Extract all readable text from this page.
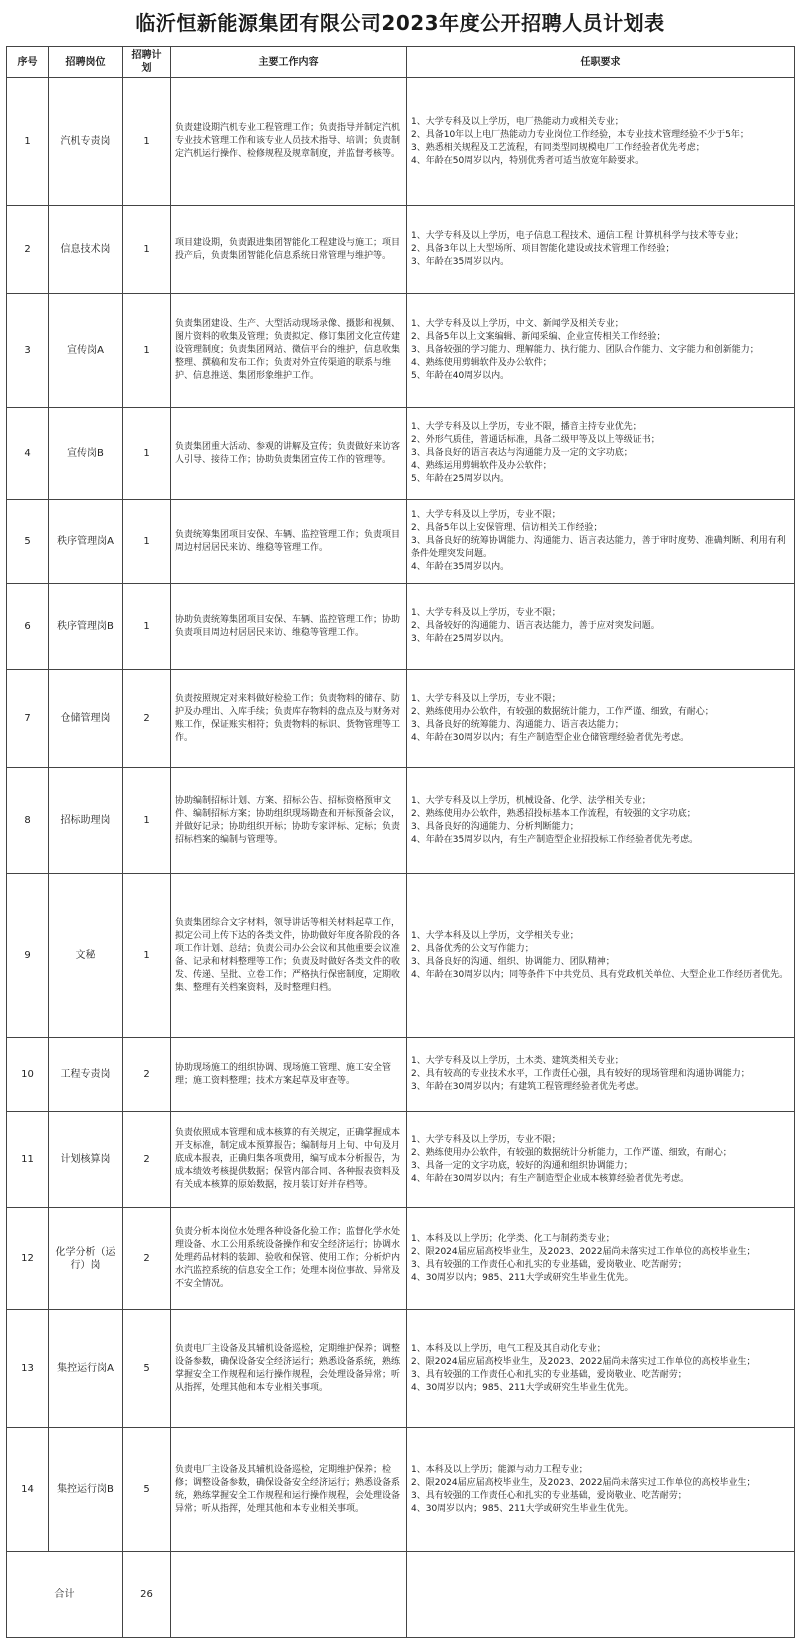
临沂恒新能源集团有限公司2023年度公开招聘人员计划表
序号	招聘岗位	招聘计划	主要工作内容	任职要求
1	汽机专责岗	1	负责建设期汽机专业工程管理工作；负责指导并制定汽机专业技术管理工作和该专业人员技术指导、培训；负责制定汽机运行操作、检修规程及规章制度，并监督考核等。	1、大学专科及以上学历，电厂热能动力或相关专业；
2、具备10年以上电厂热能动力专业岗位工作经验，本专业技术管理经验不少于5年；
3、熟悉相关规程及工艺流程，有同类型同规模电厂工作经验者优先考虑；
4、年龄在50周岁以内，特别优秀者可适当放宽年龄要求。

2	信息技术岗	1	项目建设期，负责跟进集团智能化工程建设与施工；项目投产后，负责集团智能化信息系统日常管理与维护等。	1、大学专科及以上学历，电子信息工程技术、通信工程 计算机科学与技术等专业；
2、具备3年以上大型场所、项目智能化建设或技术管理工作经验；
3、年龄在35周岁以内。

3	宣传岗A	1	负责集团建设、生产、大型活动现场录像、摄影和视频、图片资料的收集及管理；负责拟定、修订集团文化宣传建设管理制度；负责集团网站、微信平台的维护，信息收集整理、撰稿和发布工作；负责对外宣传渠道的联系与维护、信息推送、集团形象维护工作。	1、大学专科及以上学历，中文、新闻学及相关专业；
2、具备5年以上文案编辑、新闻采编、企业宣传相关工作经验；
3、具备较强的学习能力、理解能力、执行能力、团队合作能力、文字能力和创新能力；
4、熟练使用剪辑软件及办公软件；
5、年龄在40周岁以内。

4	宣传岗B	1	负责集团重大活动、参观的讲解及宣传；负责做好来访客人引导、接待工作；协助负责集团宣传工作的管理等。	1、大学专科及以上学历，专业不限，播音主持专业优先；
2、外形气质佳，普通话标准，具备二级甲等及以上等级证书；
3、具备良好的语言表达与沟通能力及一定的文字功底；
4、熟练运用剪辑软件及办公软件；
5、年龄在25周岁以内。

5	秩序管理岗A	1	负责统筹集团项目安保、车辆、监控管理工作；负责项目周边村居居民来访、维稳等管理工作。	1、大学专科及以上学历，专业不限；
2、具备5年以上安保管理、信访相关工作经验；
3、具备良好的统筹协调能力、沟通能力、语言表达能力，善于审时度势、准确判断、利用有利条件处理突发问题。
4、年龄在35周岁以内。

6	秩序管理岗B	1	协助负责统筹集团项目安保、车辆、监控管理工作；协助负责项目周边村居居民来访、维稳等管理工作。	1、大学专科及以上学历，专业不限；
2、具备较好的沟通能力、语言表达能力，善于应对突发问题。
3、年龄在25周岁以内。

7	仓储管理岗	2	负责按照规定对来料做好检验工作；负责物料的储存、防护及办理出、入库手续；负责库存物料的盘点及与财务对账工作，保证账实相符；负责物料的标识、货物管理等工作。	1、大学专科及以上学历，专业不限；
2、熟练使用办公软件，有较强的数据统计能力，工作严谨、细致，有耐心；
3、具备良好的统筹能力、沟通能力、语言表达能力；
4、年龄在30周岁以内；有生产制造型企业仓储管理经验者优先考虑。

8	招标助理岗	1	协助编制招标计划、方案、招标公告、招标资格预审文件、编制招标方案；协助组织现场勘查和开标预备会议，并做好记录；协助组织开标；协助专家评标、定标；负责招标档案的编制与管理等。	1、大学专科及以上学历，机械设备、化学、法学相关专业；
2、熟练使用办公软件，熟悉招投标基本工作流程，有较强的文字功底；
3、具备良好的沟通能力、分析判断能力；
4、年龄在35周岁以内，有生产制造型企业招投标工作经验者优先考虑。

9	文秘	1	负责集团综合文字材料，领导讲话等相关材料起草工作，拟定公司上传下达的各类文件，协助做好年度各阶段的各项工作计划、总结；负责公司办公会议和其他重要会议准备、记录和材料整理等工作；负责及时做好各类文件的收发、传递、呈批、立卷工作；严格执行保密制度，定期收集、整理有关档案资料，及时整理归档。	1、大学本科及以上学历，文学相关专业；
2、具备优秀的公文写作能力；
3、具备良好的沟通、组织、协调能力、团队精神；
4、年龄在30周岁以内；同等条件下中共党员、具有党政机关单位、大型企业工作经历者优先。

10	工程专责岗	2	协助现场施工的组织协调、现场施工管理、施工安全管理；施工资料整理；技术方案起草及审查等。	1、大学专科及以上学历，土木类、建筑类相关专业；
2、具有较高的专业技术水平，工作责任心强，具有较好的现场管理和沟通协调能力；
3、年龄在30周岁以内；有建筑工程管理经验者优先考虑。

11	计划核算岗	2	负责依照成本管理和成本核算的有关规定，正确掌握成本开支标准，制定成本预算报告；编制每月上旬、中旬及月底成本报表，正确归集各项费用，编写成本分析报告，为成本绩效考核提供数据；保管内部合同、各种报表资料及有关成本核算的原始数据，按月装订好并存档等。	1、大学专科及以上学历，专业不限；
2、熟练使用办公软件，有较强的数据统计分析能力，工作严谨、细致，有耐心；
3、具备一定的文字功底，较好的沟通和组织协调能力；
4、年龄在30周岁以内；有生产制造型企业成本核算经验者优先考虑。

12	化学分析（运行）岗	2	负责分析本岗位水处理各种设备化验工作；监督化学水处理设备、水工公用系统设备操作和安全经济运行；协调水处理药品材料的装卸、验收和保管、使用工作；分析炉内水汽监控系统的信息安全工作；处理本岗位事故、异常及不安全情况。	1、本科及以上学历；化学类、化工与制药类专业；
2、限2024届应届高校毕业生，及2023、2022届尚未落实过工作单位的高校毕业生；
3、具有较强的工作责任心和扎实的专业基础，爱岗敬业、吃苦耐劳；
4、30周岁以内；985、211大学或研究生毕业生优先。

13	集控运行岗A	5	负责电厂主设备及其辅机设备巡检，定期维护保养；调整设备参数，确保设备安全经济运行；熟悉设备系统，熟练掌握安全工作规程和运行操作规程，会处理设备异常；听从指挥，处理其他和本专业相关事项。	1、本科及以上学历，电气工程及其自动化专业；
2、限2024届应届高校毕业生，及2023、2022届尚未落实过工作单位的高校毕业生；
3、具有较强的工作责任心和扎实的专业基础，爱岗敬业、吃苦耐劳；
4、30周岁以内；985、211大学或研究生毕业生优先。

14	集控运行岗B	5	负责电厂主设备及其辅机设备巡检，定期维护保养；检修；调整设备参数，确保设备安全经济运行；熟悉设备系统，熟练掌握安全工作规程和运行操作规程，会处理设备异常；听从指挥，处理其他和本专业相关事项。	1、本科及以上学历；能源与动力工程专业；
2、限2024届应届高校毕业生，及2023、2022届尚未落实过工作单位的高校毕业生；
3、具有较强的工作责任心和扎实的专业基础，爱岗敬业、吃苦耐劳；
4、30周岁以内；985、211大学或研究生毕业生优先。

合计		26		
